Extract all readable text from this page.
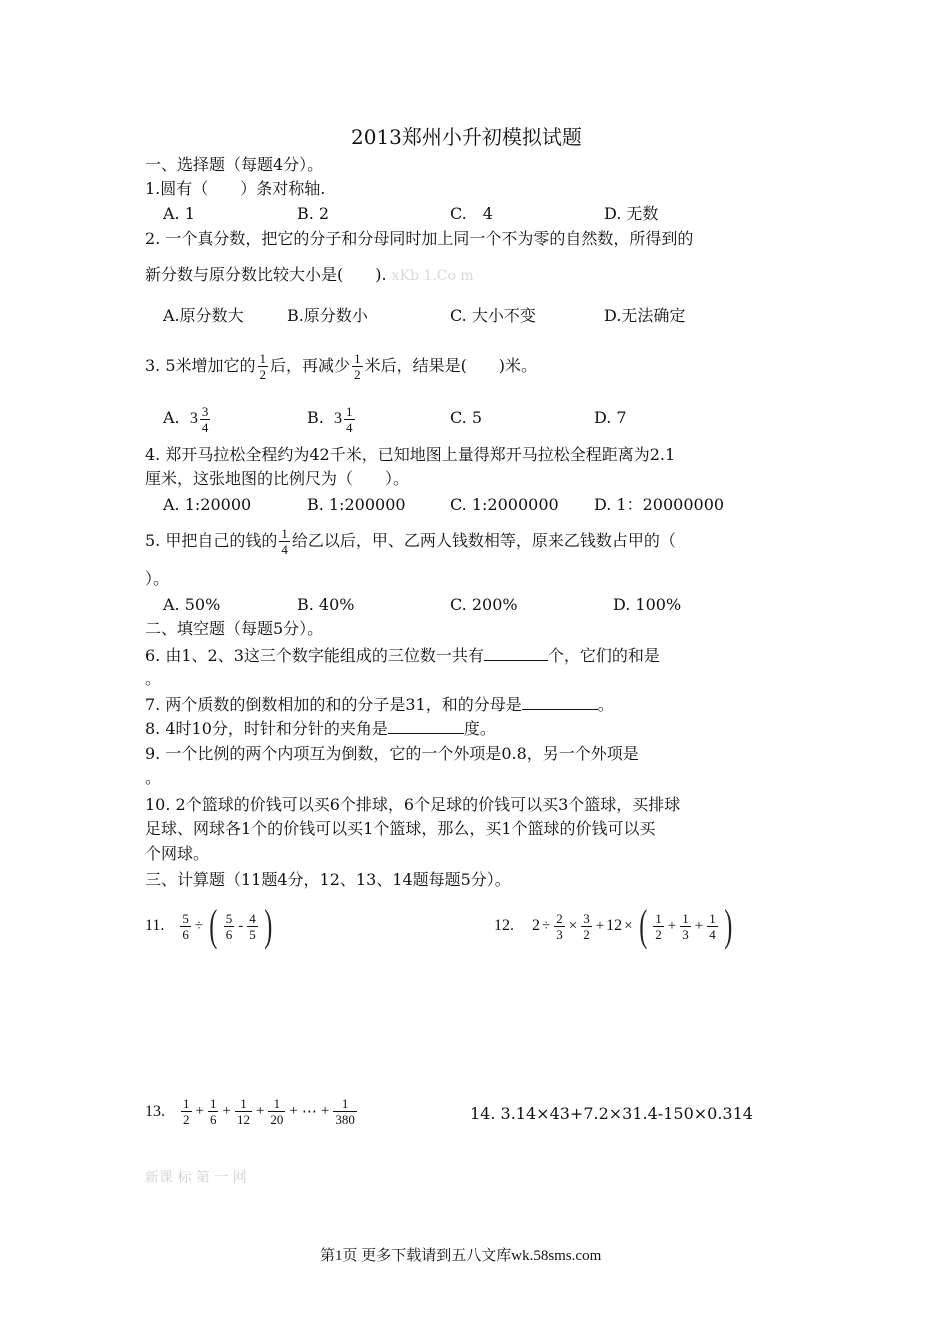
2013郑州小升初模拟试题
一、选择题（每题4分）。
1.圆有（　　）条对称轴.
A. 1	B. 2	C.　4	D. 无数
2. 一个真分数，把它的分子和分母同时加上同一个不为零的自然数，所得到的
新分数与原分数比较大小是(　　). xKb 1.Co m
A.原分数大	B.原分数小	C. 大小不变	D.无法确定
3. 5米增加它的 $\frac{1}{2}$ 后，再减少 $\frac{1}{2}$ 米后，结果是(　　)米。
A. $3 \frac{3}{4}$	B. $3 \frac{1}{4}$	C. 5	D. 7
4. 郑开马拉松全程约为42千米，已知地图上量得郑开马拉松全程距离为2.1
厘米，这张地图的比例尺为（　　）。
A. 1:20000	B. 1:200000	C. 1:2000000 D. 1：20000000
5. 甲把自己的钱的 $\frac{1}{4}$ 给乙以后，甲、乙两人钱数相等，原来乙钱数占甲的（
）。
A. 50%	B. 40%	C. 200%	D. 100%
二、填空题（每题5分）。
6. 由1、2、3这三个数字能组成的三位数一共有	个，它们的和是
。
7. 两个质数的倒数相加的和的分子是31，和的分母是	。
8. 4时10分，时针和分针的夹角是	度。
9. 一个比例的两个内项互为倒数，它的一个外项是0.8，另一个外项是
。
10. 2个篮球的价钱可以买6个排球，6个足球的价钱可以买3个篮球，买排球
足球、网球各1个的价钱可以买1个篮球，那么，买1个篮球的价钱可以买
个网球。
三、计算题（11题4分，12、13、14题每题5分）。
11. $\frac{5}{6}$ ÷ ( $\frac{5}{6} - \frac{4}{5}$ )	12. $2 \div \frac{2}{3} \times \frac{3}{2} + 12$ × ( $\frac{1}{2} + \frac{1}{3} + \frac{1}{4}$ )
13. $\frac{1}{2} + \frac{1}{6} + \frac{1}{12} + \frac{1}{20}$ + ⋯ + $\frac{1}{380}$	14. 3.14×43+7.2×31.4-150×0.314
新课 标 第 一 网
第1页 更多下载请到五八文库wk.58sms.com
